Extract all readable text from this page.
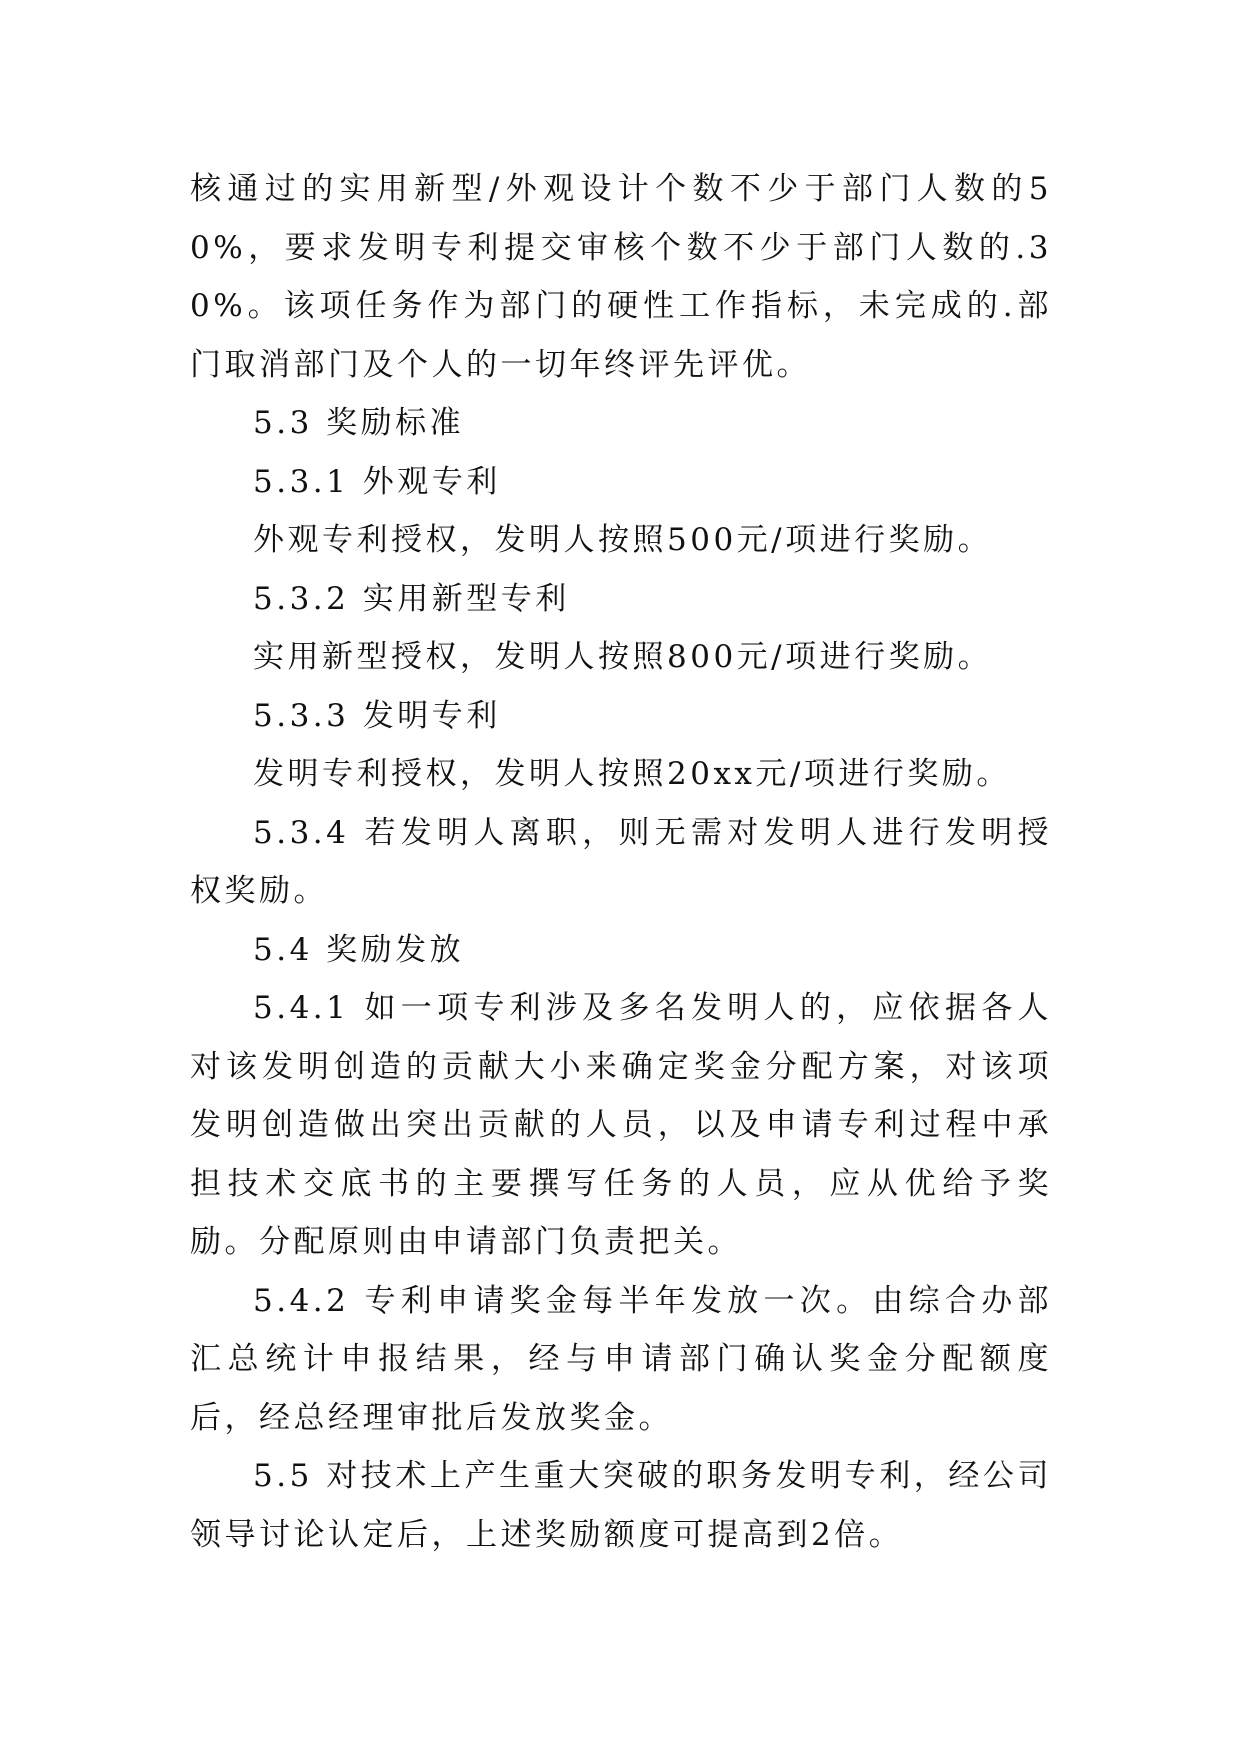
核通过的实用新型/外观设计个数不少于部门人数的50%，要求发明专利提交审核个数不少于部门人数的.30%。该项任务作为部门的硬性工作指标，未完成的.部门取消部门及个人的一切年终评先评优。

5.3 奖励标准

5.3.1 外观专利

外观专利授权，发明人按照500元/项进行奖励。

5.3.2 实用新型专利

实用新型授权，发明人按照800元/项进行奖励。

5.3.3 发明专利

发明专利授权，发明人按照20xx元/项进行奖励。

5.3.4 若发明人离职，则无需对发明人进行发明授权奖励。

5.4 奖励发放

5.4.1 如一项专利涉及多名发明人的，应依据各人对该发明创造的贡献大小来确定奖金分配方案，对该项发明创造做出突出贡献的人员，以及申请专利过程中承担技术交底书的主要撰写任务的人员，应从优给予奖励。分配原则由申请部门负责把关。

5.4.2 专利申请奖金每半年发放一次。由综合办部汇总统计申报结果，经与申请部门确认奖金分配额度后，经总经理审批后发放奖金。

5.5 对技术上产生重大突破的职务发明专利，经公司领导讨论认定后，上述奖励额度可提高到2倍。
